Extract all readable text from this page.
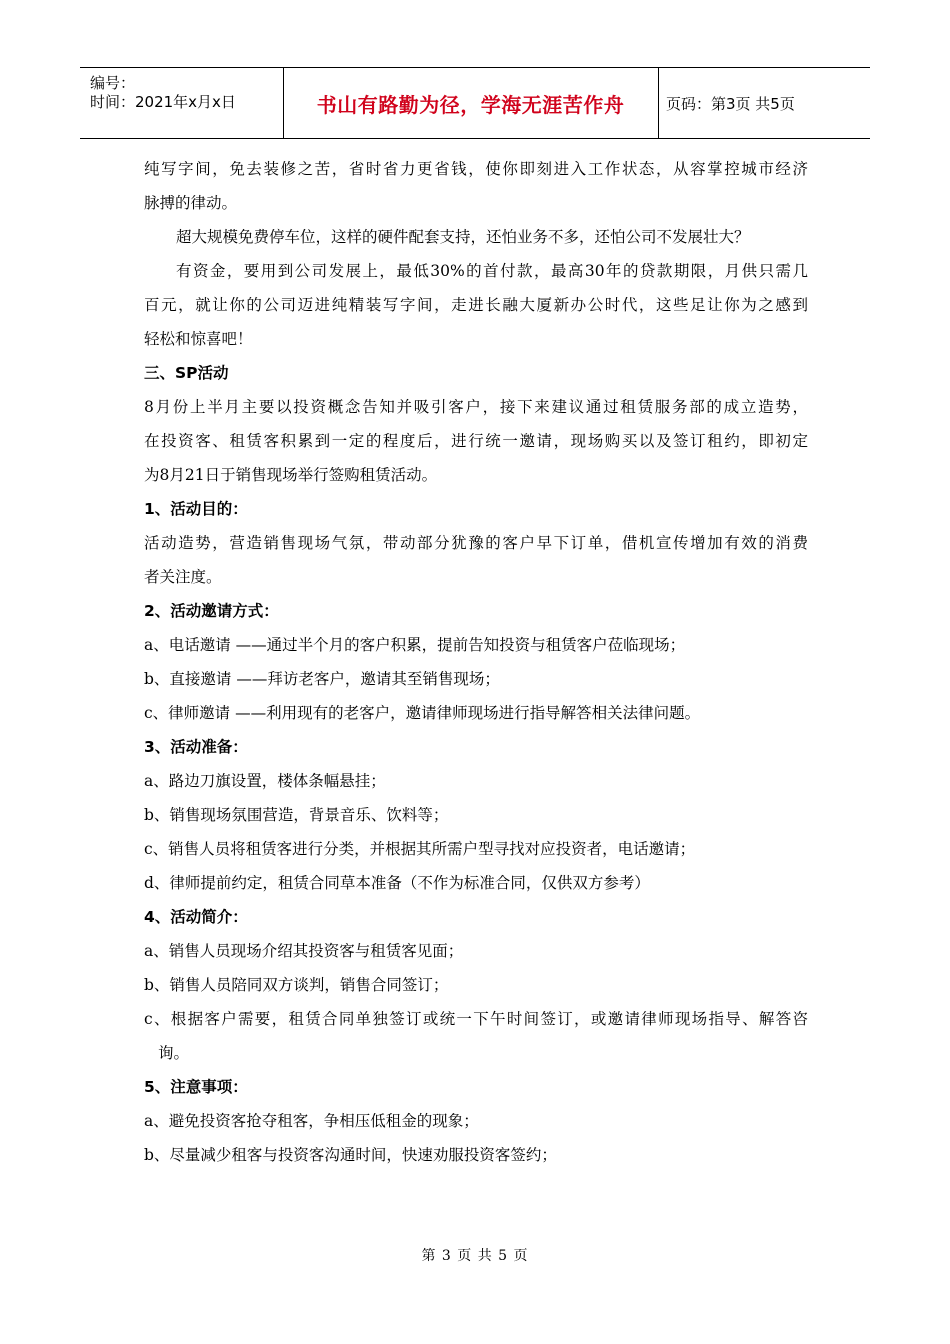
编号：
时间：2021年x月x日	书山有路勤为径，学海无涯苦作舟	页码：第3页 共5页

纯写字间，免去装修之苦，省时省力更省钱，使你即刻进入工作状态，从容掌控城市经济

脉搏的律动。

超大规模免费停车位，这样的硬件配套支持，还怕业务不多，还怕公司不发展壮大？

有资金，要用到公司发展上，最低30%的首付款，最高30年的贷款期限，月供只需几

百元，就让你的公司迈进纯精装写字间，走进长融大厦新办公时代，这些足让你为之感到

轻松和惊喜吧！

三、SP活动

8月份上半月主要以投资概念告知并吸引客户，接下来建议通过租赁服务部的成立造势，

在投资客、租赁客积累到一定的程度后，进行统一邀请，现场购买以及签订租约，即初定

为8月21日于销售现场举行签购租赁活动。

1、活动目的：

活动造势，营造销售现场气氛，带动部分犹豫的客户早下订单，借机宣传增加有效的消费

者关注度。

2、活动邀请方式：

a、电话邀请 ——通过半个月的客户积累，提前告知投资与租赁客户莅临现场；

b、直接邀请 ——拜访老客户，邀请其至销售现场；

c、律师邀请 ——利用现有的老客户，邀请律师现场进行指导解答相关法律问题。

3、活动准备：

a、路边刀旗设置，楼体条幅悬挂；

b、销售现场氛围营造，背景音乐、饮料等；

c、销售人员将租赁客进行分类，并根据其所需户型寻找对应投资者，电话邀请；

d、律师提前约定，租赁合同草本准备（不作为标准合同，仅供双方参考）

4、活动简介：

a、销售人员现场介绍其投资客与租赁客见面；

b、销售人员陪同双方谈判，销售合同签订；

c、根据客户需要，租赁合同单独签订或统一下午时间签订，或邀请律师现场指导、解答咨

询。

5、注意事项：

a、避免投资客抢夺租客，争相压低租金的现象；

b、尽量减少租客与投资客沟通时间，快速劝服投资客签约；

第 3 页 共 5 页
